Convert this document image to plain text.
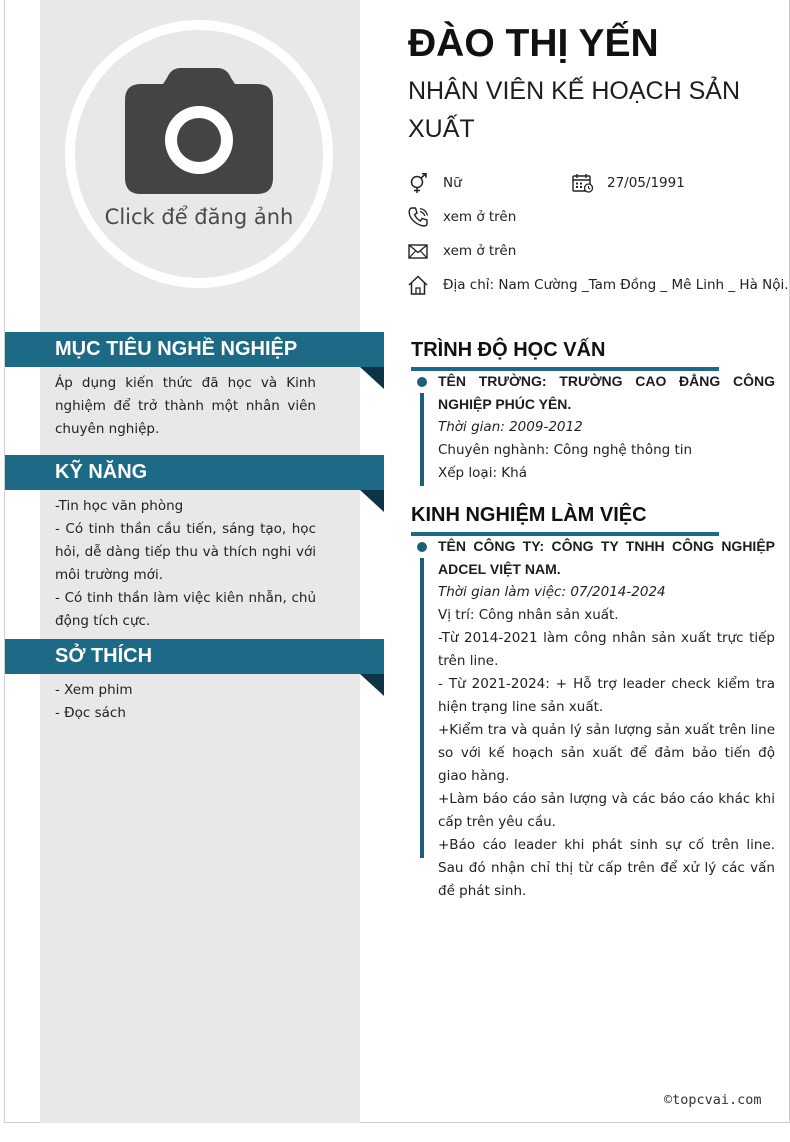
Click để đăng ảnh
ĐÀO THỊ YẾN
NHÂN VIÊN KẾ HOẠCH SẢN XUẤT
Nữ	27/05/1991
xem ở trên
xem ở trên
Địa chỉ: Nam Cường _Tam Đồng _ Mê Linh _ Hà Nội.
MỤC TIÊU NGHỀ NGHIỆP
Áp dụng kiến thức đã học và Kinh nghiệm để trở thành một nhân viên chuyên nghiệp.
KỸ NĂNG
-Tin học văn phòng
- Có tinh thần cầu tiến, sáng tạo, học hỏi, dễ dàng tiếp thu và thích nghi với môi trường mới.
- Có tinh thần làm việc kiên nhẫn, chủ động tích cực.
SỞ THÍCH
- Xem phim
- Đọc sách
TRÌNH ĐỘ HỌC VẤN
TÊN TRƯỜNG: TRƯỜNG CAO ĐẲNG CÔNG NGHIỆP PHÚC YÊN.
Thời gian: 2009-2012
Chuyên nghành: Công nghệ thông tin
Xếp loại: Khá
KINH NGHIỆM LÀM VIỆC
TÊN CÔNG TY: CÔNG TY TNHH CÔNG NGHIỆP ADCEL VIỆT NAM.
Thời gian làm việc: 07/2014-2024
Vị trí: Công nhân sản xuất.
-Từ 2014-2021 làm công nhân sản xuất trực tiếp trên line.
- Từ 2021-2024: + Hỗ trợ leader check kiểm tra hiện trạng line sản xuất.
+Kiểm tra và quản lý sản lượng sản xuất trên line so với kế hoạch sản xuất để đảm bảo tiến độ giao hàng.
+Làm báo cáo sản lượng và các báo cáo khác khi cấp trên yêu cầu.
+Báo cáo leader khi phát sinh sự cố trên line. Sau đó nhận chỉ thị từ cấp trên để xử lý các vấn đề phát sinh.
©topcvai.com
